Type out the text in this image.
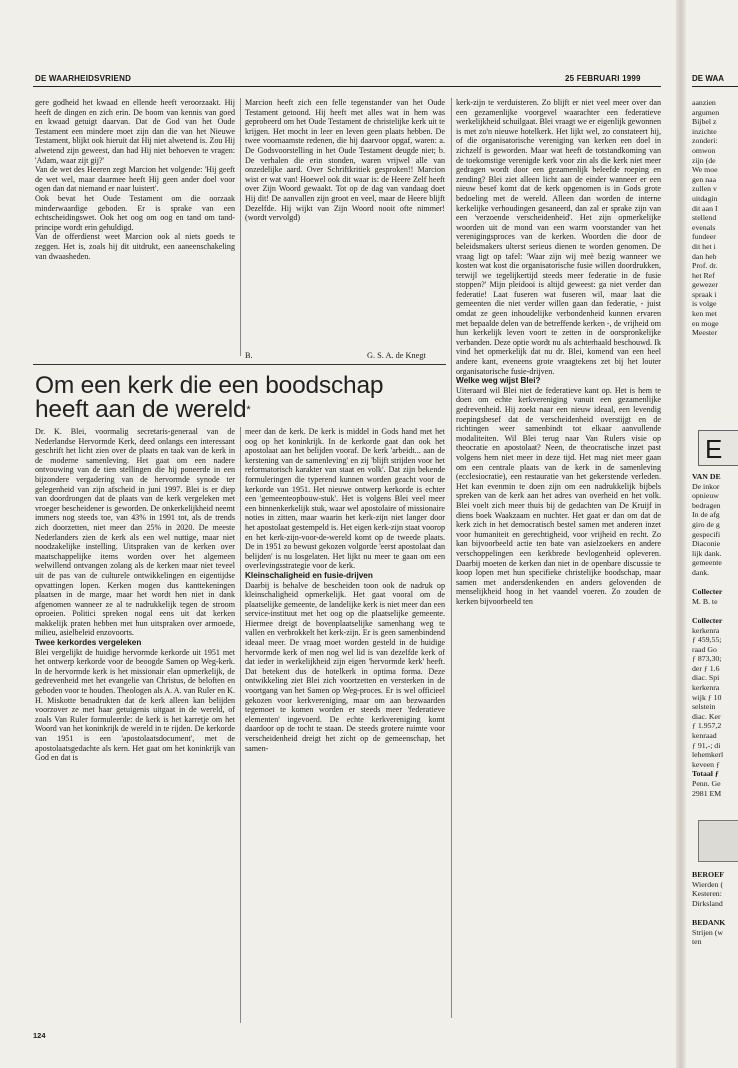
DE WAARHEIDSVRIEND	25 FEBRUARI 1999	DE WAA

gere godheid het kwaad en ellende heeft veroorzaakt. Hij heeft de dingen en zich erin. De boom van kennis van goed en kwaad getuigt daarvan. Dat de God van het Oude Testament een mindere moet zijn dan die van het Nieuwe Testament, blijkt ook hieruit dat Hij niet alwetend is. Zou Hij alwetend zijn geweest, dan had Hij niet behoeven te vragen: 'Adam, waar zijt gij?'

Van de wet des Heeren zegt Marcion het volgende: 'Hij geeft de wet wel, maar daarmee heeft Hij geen ander doel voor ogen dan dat niemand er naar luistert'.

Ook bevat het Oude Testament om die oorzaak minderwaardige geboden. Er is sprake van een echtscheidingswet. Ook het oog om oog en tand om tand-principe wordt erin gehuldigd.

Van de offerdienst weet Marcion ook al niets goeds te zeggen. Het is, zoals hij dit uitdrukt, een aaneenschakeling van dwaasheden.

Marcion heeft zich een felle tegenstander van het Oude Testament getoond. Hij heeft met alles wat in hem was geprobeerd om het Oude Testament de christelijke kerk uit te krijgen. Het mocht in leer en leven geen plaats hebben. De twee voornaamste redenen, die hij daarvoor opgaf, waren: a. De Godsvoorstelling in het Oude Testament deugde niet; b. De verhalen die erin stonden, waren vrijwel alle van onzedelijke aard. Over Schriftkritiek gesproken!! Marcion wist er wat van! Hoewel ook dit waar is: de Heere Zelf heeft over Zijn Woord gewaakt. Tot op de dag van vandaag doet Hij dit! De aanvallen zijn groot en veel, maar de Heere blijft Dezelfde. Hij wijkt van Zijn Woord nooit ofte nimmer! (wordt vervolgd)

B.	G. S. A. de Knegt
Om een kerk die een boodschap heeft aan de wereld*

Dr. K. Blei, voormalig secretaris-generaal van de Nederlandse Hervormde Kerk, deed onlangs een interessant geschrift het licht zien over de plaats en taak van de kerk in de moderne samenleving. Het gaat om een nadere ontvouwing van de tien stellingen die hij poneerde in een bijzondere vergadering van de hervormde synode ter gelegenheid van zijn afscheid in juni 1997. Blei is er diep van doordrongen dat de plaats van de kerk vergeleken met vroeger bescheidener is geworden. De onkerkelijkheid neemt immers nog steeds toe, van 43% in 1991 tot, als de trends zich doorzetten, niet meer dan 25% in 2020. De meeste Nederlanders zien de kerk als een wel nuttige, maar niet noodzakelijke instelling. Uitspraken van de kerken over maatschappelijke items worden over het algemeen welwillend ontvangen zolang als de kerken maar niet teveel uit de pas van de culturele ontwikkelingen en eigentijdse opvattingen lopen. Kerken mogen dus kanttekeningen plaatsen in de marge, maar het wordt hen niet in dank afgenomen wanneer ze al te nadrukkelijk tegen de stroom oproeien. Politici spreken nogal eens uit dat kerken makkelijk praten hebben met hun uitspraken over armoede, milieu, asielbeleid enzovoorts.

Twee kerkordes vergeleken

Blei vergelijkt de huidige hervormde kerkorde uit 1951 met het ontwerp kerkorde voor de beoogde Samen op Weg-kerk. In de hervormde kerk is het missionair elan opmerkelijk, de gedrevenheid met het evangelie van Christus, de beloften en geboden voor te houden. Theologen als A. A. van Ruler en K. H. Miskotte benadrukten dat de kerk alleen kan belijden voorzover ze met haar getuigenis uitgaat in de wereld, of zoals Van Ruler formuleerde: de kerk is het karretje om het Woord van het koninkrijk de wereld in te rijden. De kerkorde van 1951 is een 'apostolaatsdocument', met de apostolaatsgedachte als kern. Het gaat om het koninkrijk van God en dat is

meer dan de kerk. De kerk is middel in Gods hand met het oog op het koninkrijk. In de kerkorde gaat dan ook het apostolaat aan het belijden vooraf. De kerk 'arbeidt... aan de kerstening van de samenleving' en zij 'blijft strijden voor het reformatorisch karakter van staat en volk'. Dat zijn bekende formuleringen die typerend kunnen worden geacht voor de kerkorde van 1951. Het nieuwe ontwerp kerkorde is echter een 'gemeenteopbouw-stuk'. Het is volgens Blei veel meer een binnenkerkelijk stuk, waar wel apostolaire of missionaire noties in zitten, maar waarin het kerk-zijn niet langer door het apostolaat gestempeld is. Het eigen kerk-zijn staat voorop en het kerk-zijn-voor-de-wereld komt op de tweede plaats. De in 1951 zo bewust gekozen volgorde 'eerst apostolaat dan belijden' is nu losgelaten. Het lijkt nu meer te gaan om een overlevingsstrategie voor de kerk.

Kleinschaligheid en fusie-drijven

Daarbij is behalve de bescheiden toon ook de nadruk op kleinschaligheid opmerkelijk. Het gaat vooral om de plaatselijke gemeente, de landelijke kerk is niet meer dan een service-instituut met het oog op die plaatselijke gemeente. Hiermee dreigt de bovenplaatselijke samenhang weg te vallen en verbrokkelt het kerk-zijn. Er is geen samenbindend ideaal meer. De vraag moet worden gesteld in de huidige hervormde kerk of men nog wel lid is van dezelfde kerk of dat ieder in werkelijkheid zijn eigen 'hervormde kerk' heeft. Dat betekent dus de hotelkerk in optima forma. Deze ontwikkeling ziet Blei zich voortzetten en versterken in de voortgang van het Samen op Weg-proces. Er is wel officieel gekozen voor kerkvereniging, maar om aan bezwaarden tegemoet te komen worden er steeds meer 'federatieve elementen' ingevoerd. De echte kerkvereniging komt daardoor op de tocht te staan. De steeds grotere ruimte voor verscheidenheid dreigt het zicht op de gemeenschap, het samen-

kerk-zijn te verduisteren. Zo blijft er niet veel meer over dan een gezamenlijke voorgevel waarachter een federatieve werkelijkheid schuilgaat. Blei vraagt we er eigenlijk gewonnen is met zo'n nieuwe hotelkerk. Het lijkt wel, zo constateert hij, of die organisatorische vereniging van kerken een doel in zichzelf is geworden. Maar wat heeft de totstandkoming van de toekomstige verenigde kerk voor zin als die kerk niet meer gedragen wordt door een gezamenlijk beleefde roeping en zending? Blei ziet alleen licht aan de einder wanneer er een nieuw besef komt dat de kerk opgenomen is in Gods grote bedoeling met de wereld. Alleen dan worden de interne kerkelijke verhoudingen gesaneerd, dan zal er sprake zijn van een 'verzoende verscheidenheid'. Het zijn opmerkelijke woorden uit de mond van een warm voorstander van het verenigingsproces van de kerken. Woorden die door de beleidsmakers ulterst serieus dienen te worden genomen. De vraag ligt op tafel: 'Waar zijn wij meè bezig wanneer we kosten wat kost die organisatorische fusie willen doordrukken, terwijl we tegelijkertijd steeds meer federatie in de fusie stoppen?' Mijn pleidooi is altijd geweest: ga niet verder dan federatie! Laat fuseren wat fuseren wil, maar laat die gemeenten die niet verder willen gaan dan federatie, - juist omdat ze geen inhoudelijke verbondenheid kunnen ervaren met bepaalde delen van de betreffende kerken -, de vrijheid om hun kerkelijk leven voort te zetten in de oorspronkelijke verbanden. Deze optie wordt nu als achterhaald beschouwd. Ik vind het opmerkelijk dat nu dr. Blei, komend van een heel andere kant, eveneens grote vraagtekens zet bij het louter organisatorische fusie-drijven.

Welke weg wijst Blei?

Uiteraard wil Blei niet de federatieve kant op. Het is hem te doen om echte kerkvereniging vanuit een gezamenlijke gedrevenheid. Hij zoekt naar een nieuw ideaal, een levendig roepingsbesef dat de verscheidenheid overstijgt en de richtingen weer samenbindt tot elkaar aanvullende modaliteiten. Wil Blei terug naar Van Rulers visie op theocratie en apostolaat? Neen, de theocratische inzet past volgens hem niet meer in deze tijd. Het mag niet meer gaan om een centrale plaats van de kerk in de samenleving (ecclesiocratie), een restauratie van het gekerstende verleden. Het kan evenmin te doen zijn om een nadrukkelijk bijbels spreken van de kerk aan het adres van overheid en het volk. Blei voelt zich meer thuis bij de gedachten van De Kruijf in diens boek Waakzaam en nuchter. Het gaat er dan om dat de kerk zich in het democratisch bestel samen met anderen inzet voor humaniteit en gerechtigheid, voor vrijheid en recht. Zo kan bijvoorbeeld actie ten bate van asielzoekers en andere verschoppelingen een kerkbrede bevlogenheid opleveren. Daarbij moeten de kerken dan niet in de openbare discussie te koop lopen met hun specifieke christelijke boodschap, maar samen met andersdenkenden en anders gelovenden de menselijkheid hoog in het vaandel voeren. Zo zouden de kerken bijvoorbeeld ten

124

aanzien

argumen

Bijbel z

inzichte

zonderi:

omwon

zijn (de

We moe

gen naa

zullen v

uitdagin

dit aan I

stellend

evenals

fundeer

dit het i

dan heb

Prof. dr.

het Ref

gewezer

spraak i

is volge

ken met

en moge

Meester

E

VAN DE

De inkor

opnieuw

bedragen

In de afg

giro de g

gespecifi

Diaconie

lijk dank.

gemeente

dank.

Collecter

M. B. te

Collecter

kerkenra

ƒ 459,55;

raad Go

ƒ 873,30;

der ƒ 1.6

diac. Spi

kerkenra

wijk ƒ 10

selstein

diac. Ker

ƒ 1.957,2

kenraad

ƒ 91,-; di

lehemkerl

keveen ƒ

Totaal ƒ

Penn. Ge

2981 EM

BEROEF

Wierden (

Kesteren:

Dirksland

BEDANK

Strijen (w

ten
